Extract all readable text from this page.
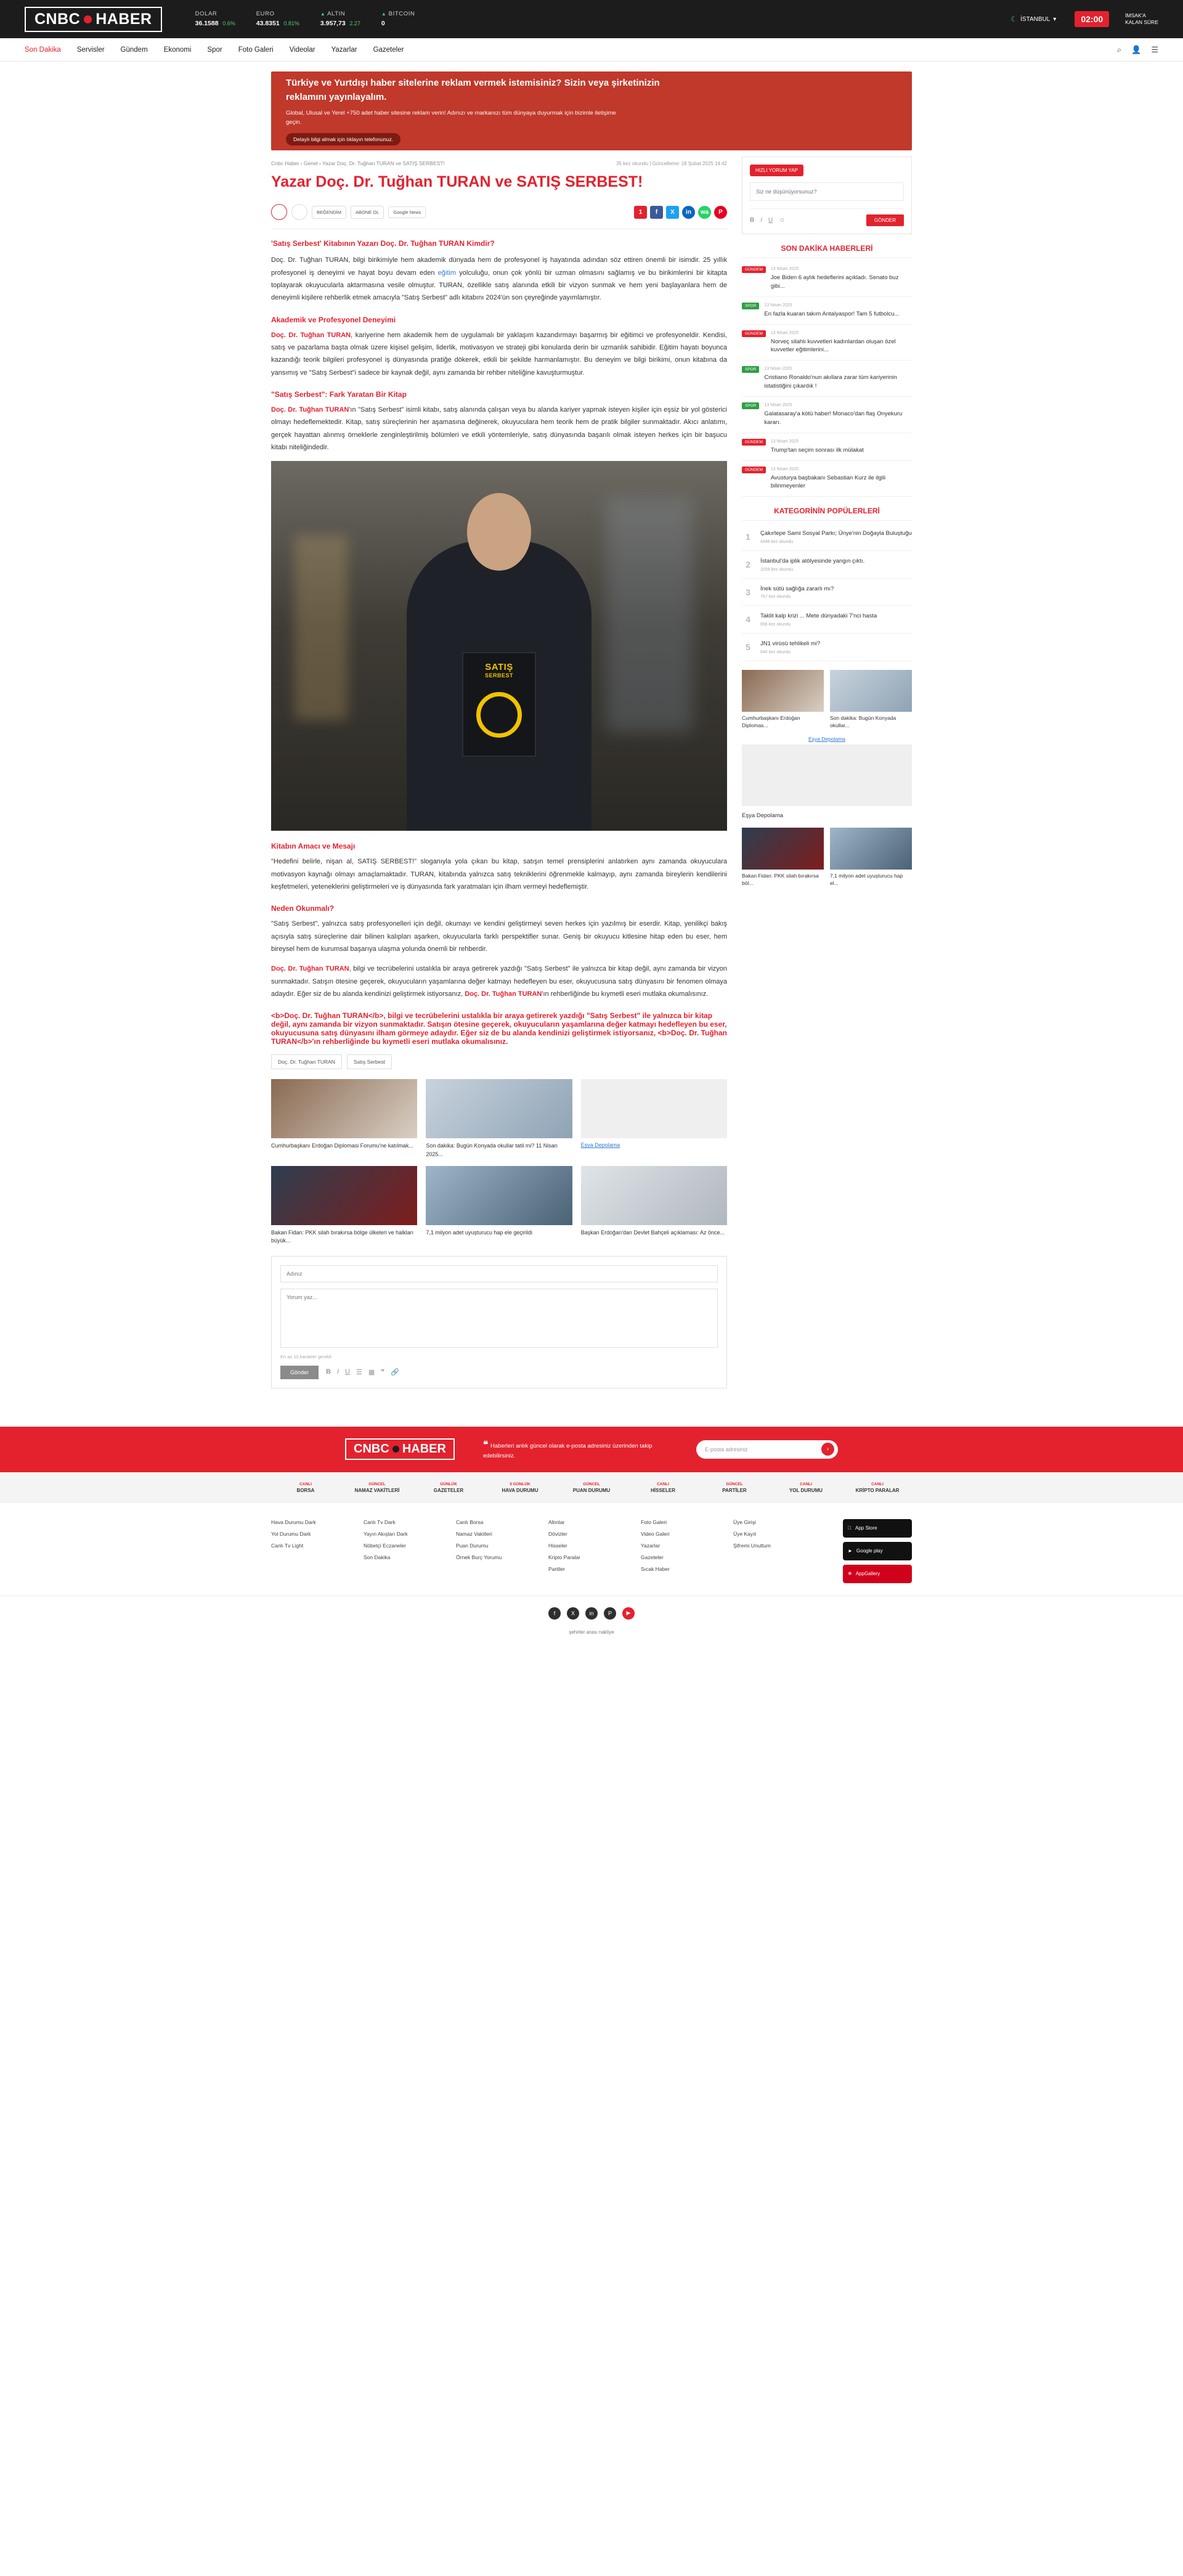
CNBC HABER	DOLAR
36.1588 0.6%
EURO
43.8351 0.81%
▲ ALTIN
3.957,73 2.27
▲ BITCOIN
0	☾ İSTANBUL ▾	02:00	İMSAK'A
KALAN SÜRE
Son Dakika Servisler Gündem Ekonomi Spor Foto Galeri Videolar Yazarlar Gazeteler	⌕ 👤 ☰
Türkiye ve Yurtdışı haber sitelerine reklam vermek istemisiniz? Sizin veya şirketinizin reklamını yayınlayalım.

Global, Ulusal ve Yerel +750 adet haber sitesine reklam verin! Adınızı ve markanızı tüm dünyaya duyurmak için bizimle iletişime geçin.

Detaylı bilgi almak için tıklayın telefonunuz.
Cnbc Haber › Genel › Yazar Doç. Dr. Tuğhan TURAN ve SATIŞ SERBEST!	35 kez okundu | Güncelleme: 18 Şubat 2025 14:42
Yazar Doç. Dr. Tuğhan TURAN ve SATIŞ SERBEST!
BEĞENDİM	ABONE OL	Google News	1	f	X	in	wa	P
'Satış Serbest' Kitabının Yazarı Doç. Dr. Tuğhan TURAN Kimdir?

Doç. Dr. Tuğhan TURAN, bilgi birikimiyle hem akademik dünyada hem de profesyonel iş hayatında adından söz ettiren önemli bir isimdir. 25 yıllık profesyonel iş deneyimi ve hayat boyu devam eden eğitim yolculuğu, onun çok yönlü bir uzman olmasını sağlamış ve bu birikimlerini bir kitapta toplayarak okuyucularla aktarmasına vesile olmuştur. TURAN, özellikle satış alanında etkili bir vizyon sunmak ve hem yeni başlayanlara hem de deneyimli kişilere rehberlik etmek amacıyla "Satış Serbest" adlı kitabını 2024'ün son çeyreğinde yayımlamıştır.

Akademik ve Profesyonel Deneyimi

Doç. Dr. Tuğhan TURAN, kariyerine hem akademik hem de uygulamalı bir yaklaşım kazandırmayı başarmış bir eğitimci ve profesyoneldir. Kendisi, satış ve pazarlama başta olmak üzere kişisel gelişim, liderlik, motivasyon ve strateji gibi konularda derin bir uzmanlık sahibidir. Eğitim hayatı boyunca kazandığı teorik bilgileri profesyonel iş dünyasında pratiğe dökerek, etkili bir şekilde harmanlamıştır. Bu deneyim ve bilgi birikimi, onun kitabına da yansımış ve "Satış Serbest"i sadece bir kaynak değil, aynı zamanda bir rehber niteliğine kavuşturmuştur.

"Satış Serbest": Fark Yaratan Bir Kitap

Doç. Dr. Tuğhan TURAN'ın "Satış Serbest" isimli kitabı, satış alanında çalışan veya bu alanda kariyer yapmak isteyen kişiler için eşsiz bir yol gösterici olmayı hedeflemektedir. Kitap, satış süreçlerinin her aşamasına değinerek, okuyuculara hem teorik hem de pratik bilgiler sunmaktadır. Akıcı anlatımı, gerçek hayattan alınmış örneklerle zenginleştirilmiş bölümleri ve etkili yöntemleriyle, satış dünyasında başarılı olmak isteyen herkes için bir başucu kitabı niteliğindedir.

SATIŞ
SERBEST
Kitabın Amacı ve Mesajı

"Hedefini belirle, nişan al, SATIŞ SERBEST!" sloganıyla yola çıkan bu kitap, satışın temel prensiplerini anlatırken aynı zamanda okuyuculara motivasyon kaynağı olmayı amaçlamaktadır. TURAN, kitabında yalnızca satış tekniklerini öğrenmekle kalmayıp, aynı zamanda bireylerin kendilerini keşfetmeleri, yeteneklerini geliştirmeleri ve iş dünyasında fark yaratmaları için ilham vermeyi hedeflemiştir.

Neden Okunmalı?

"Satış Serbest", yalnızca satış profesyonelleri için değil, okumayı ve kendini geliştirmeyi seven herkes için yazılmış bir eserdir. Kitap, yenilikçi bakış açısıyla satış süreçlerine dair bilinen kalıpları aşarken, okuyucularla farklı perspektifler sunar. Geniş bir okuyucu kitlesine hitap eden bu eser, hem bireysel hem de kurumsal başarıya ulaşma yolunda önemli bir rehberdir.

Doç. Dr. Tuğhan TURAN, bilgi ve tecrübelerini ustalıkla bir araya getirerek yazdığı "Satış Serbest" ile yalnızca bir kitap değil, aynı zamanda bir vizyon sunmaktadır. Satışın ötesine geçerek, okuyucuların yaşamlarına değer katmayı hedefleyen bu eser, okuyucusuna satış dünyasını bir fenomen olmaya adaydır. Eğer siz de bu alanda kendinizi geliştirmek istiyorsanız, Doç. Dr. Tuğhan TURAN'ın rehberliğinde bu kıymetli eseri mutlaka okumalısınız.

<b>Doç. Dr. Tuğhan TURAN</b>, bilgi ve tecrübelerini ustalıkla bir araya getirerek yazdığı "Satış Serbest" ile yalnızca bir kitap değil, aynı zamanda bir vizyon sunmaktadır. Satışın ötesine geçerek, okuyucuların yaşamlarına değer katmayı hedefleyen bu eser, okuyucusuna satış dünyasını ilham görmeye adaydır. Eğer siz de bu alanda kendinizi geliştirmek istiyorsanız, <b>Doç. Dr. Tuğhan TURAN</b>'ın rehberliğinde bu kıymetli eseri mutlaka okumalısınız.
Doç. Dr. Tuğhan TURAN	Satış Serbest
Cumhurbaşkanı Erdoğan Diplomasi Forumu'ne katılmak...	Son dakika: Bugün Konyada okullar tatil mi? 11 Nisan 2025...
Eşya Depolama
Bakan Fidan: PKK silah bırakırsa bölge ülkeleri ve halkları büyük...
7,1 milyon adet uyuşturucu hap ele geçirildi	Başkan Erdoğan'dan Devlet Bahçeli açıklaması: Az önce...
Adınız Yorum yaz...
En az 10 karakter gerekli
Gönder	B I U ☰ ▦ ❞ 🔗
HIZLI YORUM YAP Siz ne düşünüyorsunuz?
B I U ☺	GÖNDER
SON DAKİKA HABERLERİ
GÜNDEM	13 Nisan 2025
Joe Biden 6 aylık hedeflerini açıkladı. Senato buz gibi...
SPOR	13 Nisan 2025
En fazla kuaran takım Antalyaspor! Tam 5 futbolcu...
GÜNDEM	13 Nisan 2025
Norveç silahlı kuvvetleri kadınlardan oluşan özel kuvvetler eğitimlerini...
SPOR	13 Nisan 2025
Cristiano Ronaldo'nun akıllara zarar tüm kariyerinin istatistiğini çıkardık !
SPOR	13 Nisan 2025
Galatasaray'a kötü haber! Monaco'dan flaş Onyekuru kararı.
GÜNDEM	13 Nisan 2025
Trump'tan seçim sonrası ilk mülakat
GÜNDEM	13 Nisan 2025
Avusturya başbakanı Sebastian Kurz ile ilgili bilinmeyenler
KATEGORİNİN POPÜLERLERİ
1	Çakırtepe Sami Sosyal Parkı; Ünye'nin Doğayla Buluştuğu
4346 kez okundu
2	İstanbul'da iplik atölyesinde yangın çıktı.
3259 kez okundu
3	İnek sütü sağlığa zararlı mı?
767 kez okundu
4	Taklit kalp krizi ... Mete dünyadaki 7'nci hasta
656 kez okundu
5	JN1 virüsü tehlikeli mi?
640 kez okundu
Cumhurbaşkanı Erdoğan Diplomas...
Son dakika: Bugün Konyada okullar...
Eşya Depolama
Eşya Depolama
Bakan Fidan: PKK silah bırakırsa böl...
7,1 milyon adet uyuşturucu hap el...
CNBC HABER	❝ Haberleri anlık güncel olarak e-posta adresiniz üzerinden takip edebilirsiniz.
E-posta adresiniz	›
CANLI
BORSA
GÜNCEL
NAMAZ VAKİTLERİ
GÜNLÜK
GAZETELER
5 GÜNLÜK
HAVA DURUMU
GÜNCEL
PUAN DURUMU
CANLI
HİSSELER
GÜNCEL
PARTİLER
CANLI
YOL DURUMU
CANLI
KRİPTO PARALAR
Hava Durumu Dark
Yol Durumu Dark
Canlı Tv Light
Canlı Tv Dark
Yayın Akışları Dark
Nöbetçi Eczaneler
Son Dakika
Canlı Borsa
Namaz Vakitleri
Puan Durumu
Örnek Burç Yorumu
Altınlar
Dövizler
Hisseler
Kripto Paralar
Partiler
Foto Galeri
Video Galeri
Yazarlar
Gazeteler
Sıcak Haber
Üye Girişi
Üye Kayıt
Şifremi Unuttum
App Store
► Google play
❄ AppGallery
f	X	in	P	▶
şehirler arası nakliye
